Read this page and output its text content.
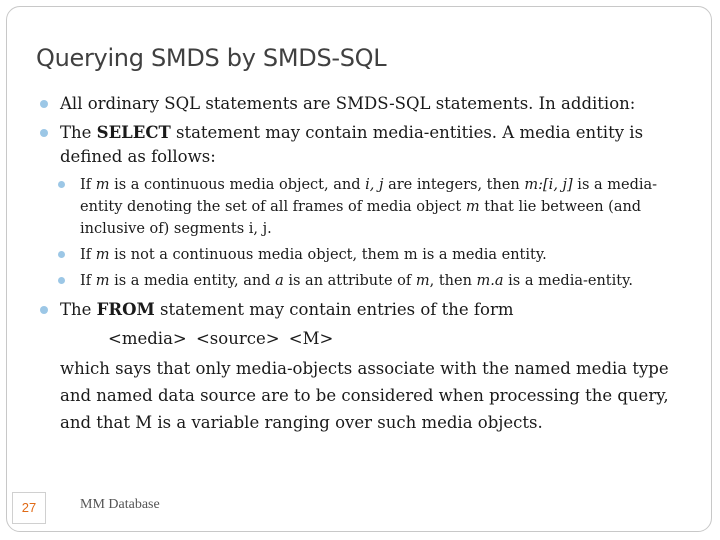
Querying SMDS by SMDS-SQL
All ordinary SQL statements are SMDS-SQL statements. In addition:
The SELECT statement may contain media-entities. A media entity is defined as follows:
If m is a continuous media object, and i, j are integers, then m:[i, j] is a media-entity denoting the set of all frames of media object m that lie between (and inclusive of) segments i, j.
If m is not a continuous media object, them m is a media entity.
If m is a media entity, and a is an attribute of m, then m.a is a media-entity.
The FROM statement may contain entries of the form
<media> <source> <M>
which says that only media-objects associate with the named media type and named data source are to be considered when processing the query, and that M is a variable ranging over such media objects.
27	MM Database
